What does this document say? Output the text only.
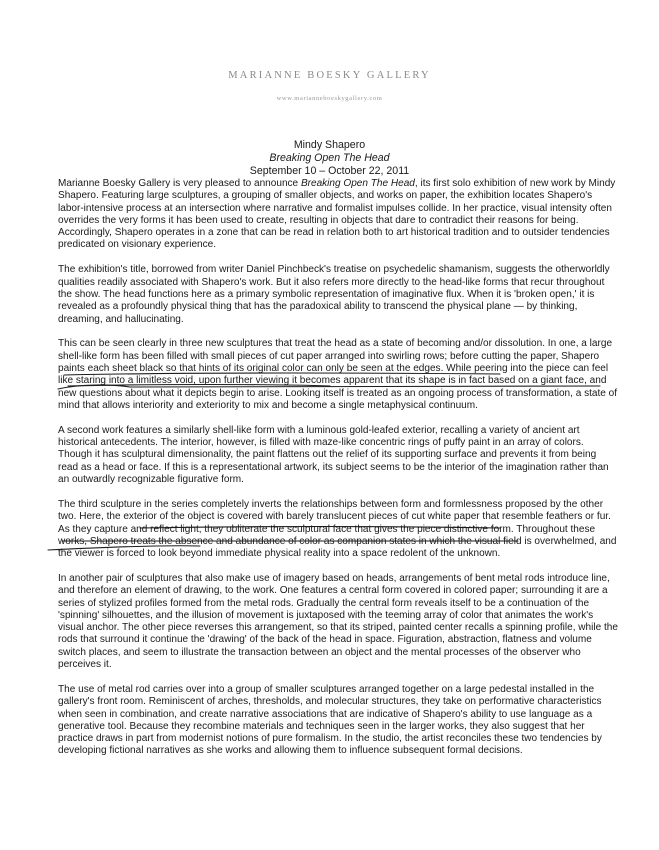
MARIANNE BOESKY GALLERY
www.marianneboeskygallery.com
Mindy Shapero
Breaking Open The Head
September 10 – October 22, 2011

Marianne Boesky Gallery is very pleased to announce Breaking Open The Head, its first solo exhibition of new work by Mindy Shapero. Featuring large sculptures, a grouping of smaller objects, and works on paper, the exhibition locates Shapero's labor-intensive process at an intersection where narrative and formalist impulses collide. In her practice, visual intensity often overrides the very forms it has been used to create, resulting in objects that dare to contradict their reasons for being. Accordingly, Shapero operates in a zone that can be read in relation both to art historical tradition and to outsider tendencies predicated on visionary experience.

The exhibition's title, borrowed from writer Daniel Pinchbeck's treatise on psychedelic shamanism, suggests the otherworldly qualities readily associated with Shapero's work. But it also refers more directly to the head-like forms that recur throughout the show. The head functions here as a primary symbolic representation of imaginative flux. When it is 'broken open,' it is revealed as a profoundly physical thing that has the paradoxical ability to transcend the physical plane — by thinking, dreaming, and hallucinating.

This can be seen clearly in three new sculptures that treat the head as a state of becoming and/or dissolution. In one, a large shell-like form has been filled with small pieces of cut paper arranged into swirling rows; before cutting the paper, Shapero paints each sheet black so that hints of its original color can only be seen at the edges. While peering into the piece can feel like staring into a limitless void, upon further viewing it becomes apparent that its shape is in fact based on a giant face, and new questions about what it depicts begin to arise. Looking itself is treated as an ongoing process of transformation, a state of mind that allows interiority and exteriority to mix and become a single metaphysical continuum.

A second work features a similarly shell-like form with a luminous gold-leafed exterior, recalling a variety of ancient art historical antecedents. The interior, however, is filled with maze-like concentric rings of puffy paint in an array of colors. Though it has sculptural dimensionality, the paint flattens out the relief of its supporting surface and prevents it from being read as a head or face. If this is a representational artwork, its subject seems to be the interior of the imagination rather than an outwardly recognizable figurative form.

The third sculpture in the series completely inverts the relationships between form and formlessness proposed by the other two. Here, the exterior of the object is covered with barely translucent pieces of cut white paper that resemble feathers or fur. As they capture and reflect light, they obliterate the sculptural face that gives the piece distinctive form. Throughout these works, Shapero treats the absence and abundance of color as companion states in which the visual field is overwhelmed, and the viewer is forced to look beyond immediate physical reality into a space redolent of the unknown.

In another pair of sculptures that also make use of imagery based on heads, arrangements of bent metal rods introduce line, and therefore an element of drawing, to the work. One features a central form covered in colored paper; surrounding it are a series of stylized profiles formed from the metal rods. Gradually the central form reveals itself to be a continuation of the 'spinning' silhouettes, and the illusion of movement is juxtaposed with the teeming array of color that animates the work's visual anchor. The other piece reverses this arrangement, so that its striped, painted center recalls a spinning profile, while the rods that surround it continue the 'drawing' of the back of the head in space. Figuration, abstraction, flatness and volume switch places, and seem to illustrate the transaction between an object and the mental processes of the observer who perceives it.

The use of metal rod carries over into a group of smaller sculptures arranged together on a large pedestal installed in the gallery's front room. Reminiscent of arches, thresholds, and molecular structures, they take on performative characteristics when seen in combination, and create narrative associations that are indicative of Shapero's ability to use language as a generative tool. Because they recombine materials and techniques seen in the larger works, they also suggest that her practice draws in part from modernist notions of pure formalism. In the studio, the artist reconciles these two tendencies by developing fictional narratives as she works and allowing them to influence subsequent formal decisions.
